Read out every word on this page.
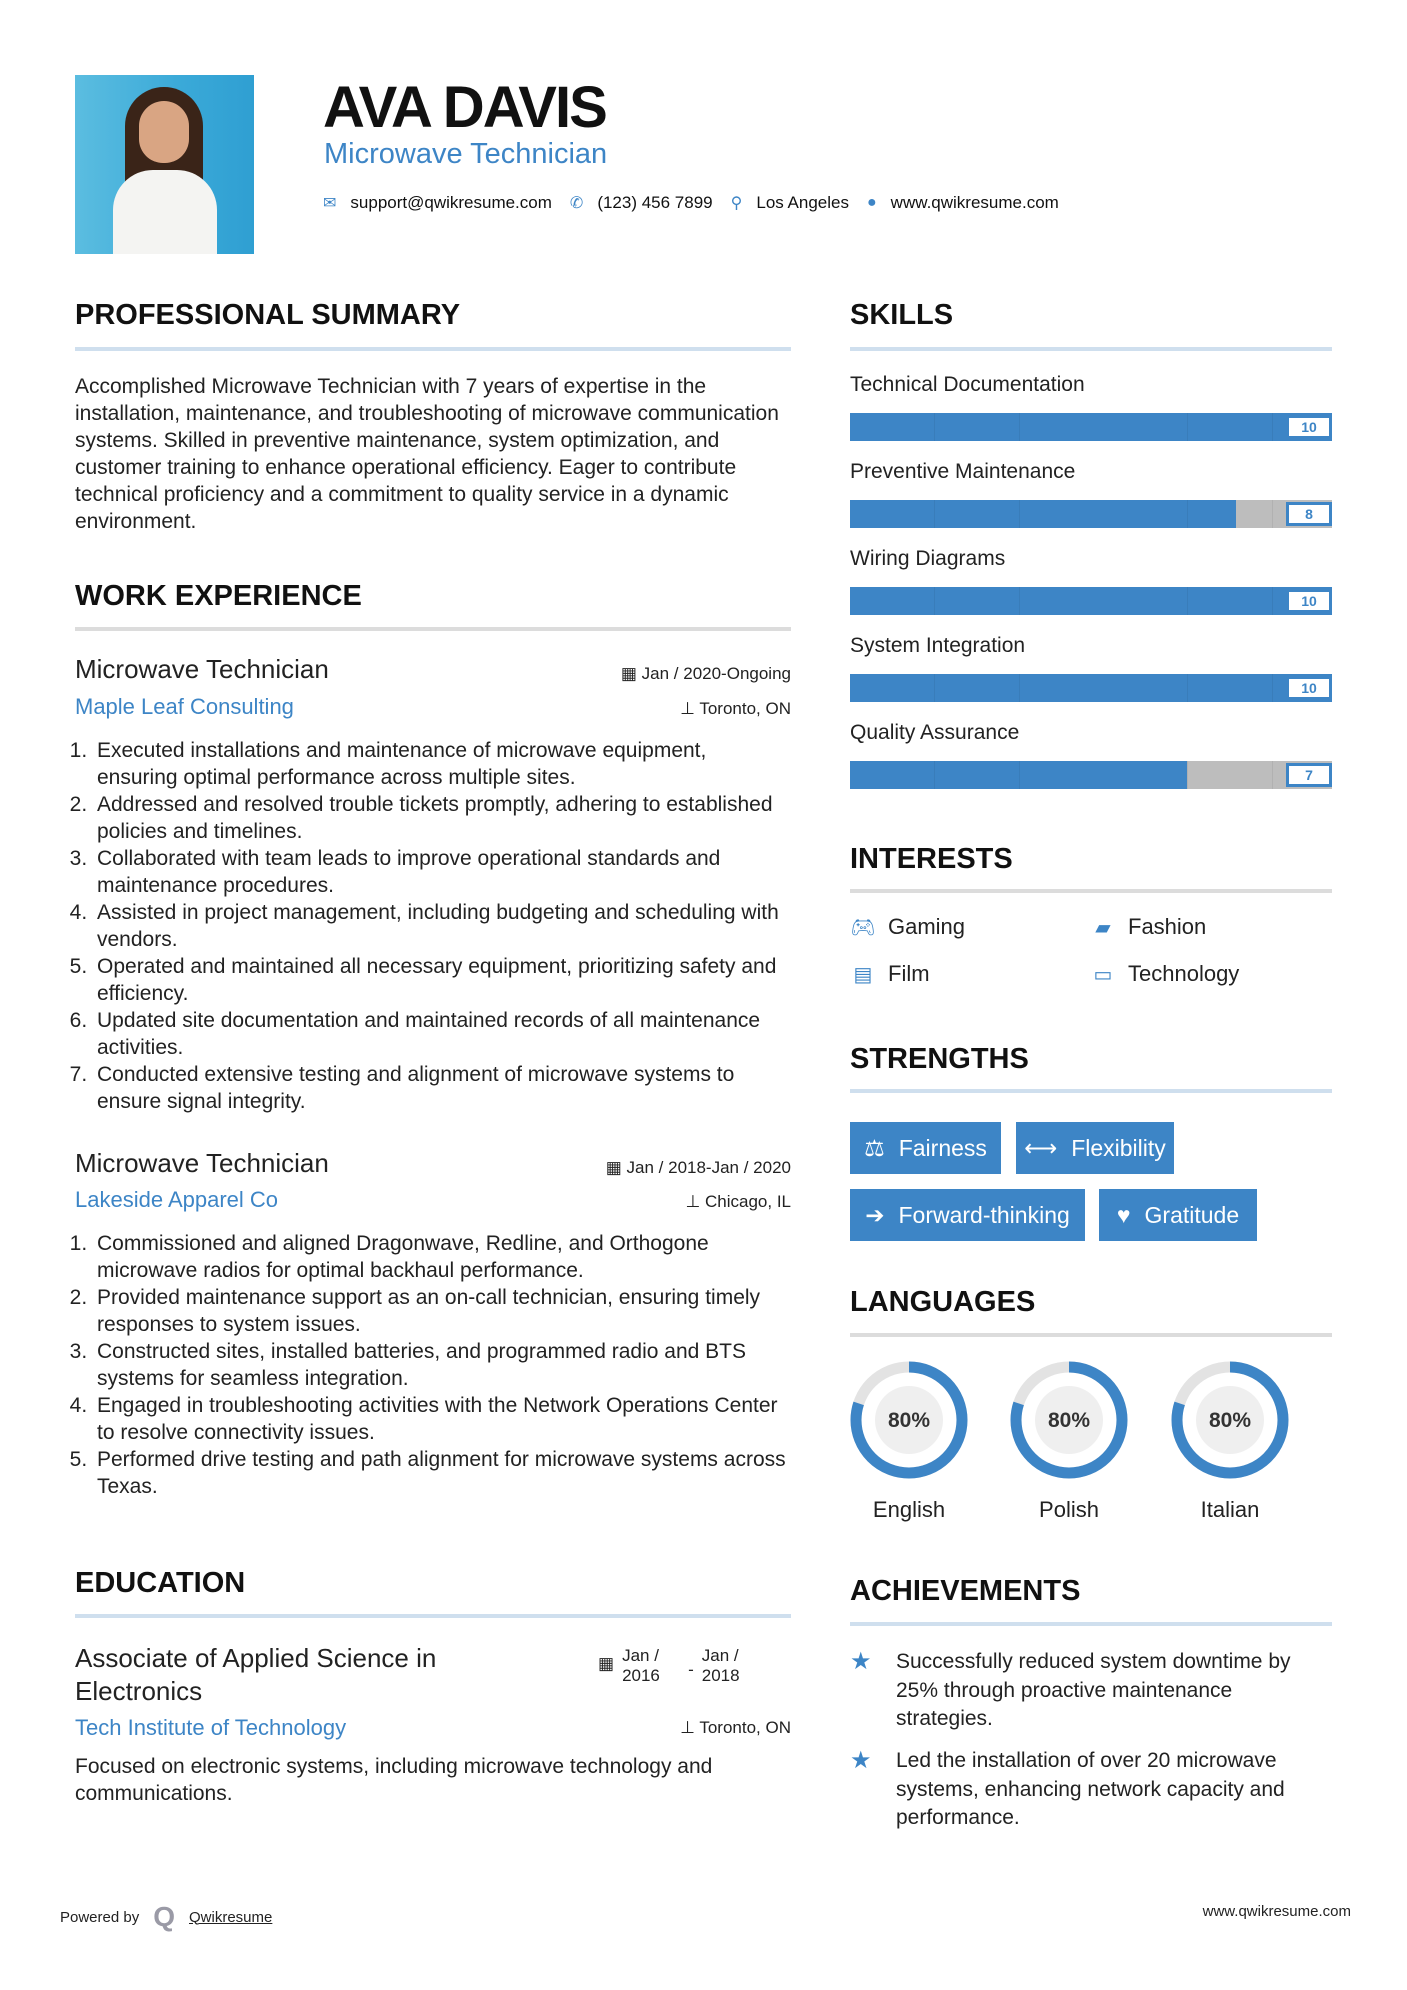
AVA DAVIS
Microwave Technician
✉ support@qwikresume.com ✆ (123) 456 7899 ⚲ Los Angeles ● www.qwikresume.com
PROFESSIONAL SUMMARY
Accomplished Microwave Technician with 7 years of expertise in the installation, maintenance, and troubleshooting of microwave communication systems. Skilled in preventive maintenance, system optimization, and customer training to enhance operational efficiency. Eager to contribute technical proficiency and a commitment to quality service in a dynamic environment.
WORK EXPERIENCE
Microwave Technician	▦ Jan / 2020-Ongoing
Maple Leaf Consulting	⊥ Toronto, ON
1. Executed installations and maintenance of microwave equipment, ensuring optimal performance across multiple sites.
2. Addressed and resolved trouble tickets promptly, adhering to established policies and timelines.
3. Collaborated with team leads to improve operational standards and maintenance procedures.
4. Assisted in project management, including budgeting and scheduling with vendors.
5. Operated and maintained all necessary equipment, prioritizing safety and efficiency.
6. Updated site documentation and maintained records of all maintenance activities.
7. Conducted extensive testing and alignment of microwave systems to ensure signal integrity.
Microwave Technician	▦ Jan / 2018-Jan / 2020
Lakeside Apparel Co	⊥ Chicago, IL
1. Commissioned and aligned Dragonwave, Redline, and Orthogone microwave radios for optimal backhaul performance.
2. Provided maintenance support as an on-call technician, ensuring timely responses to system issues.
3. Constructed sites, installed batteries, and programmed radio and BTS systems for seamless integration.
4. Engaged in troubleshooting activities with the Network Operations Center to resolve connectivity issues.
5. Performed drive testing and path alignment for microwave systems across Texas.
EDUCATION
Associate of Applied Science in Electronics
▦ Jan / 2016	-
Jan / 2018
Tech Institute of Technology	⊥ Toronto, ON
Focused on electronic systems, including microwave technology and communications.
SKILLS
Technical Documentation
10
Preventive Maintenance
8
Wiring Diagrams
10
System Integration
10
Quality Assurance
7
INTERESTS
🎮︎ Gaming	▰ Fashion
▤ Film	▭ Technology
STRENGTHS
⚖ Fairness ⟷ Flexibility
➔ Forward-thinking ♥ Gratitude
LANGUAGES
80%
English
80%
Polish
80%
Italian
ACHIEVEMENTS
★	Successfully reduced system downtime by 25% through proactive maintenance strategies.
★	Led the installation of over 20 microwave systems, enhancing network capacity and performance.
Powered by Q Qwikresume	www.qwikresume.com
